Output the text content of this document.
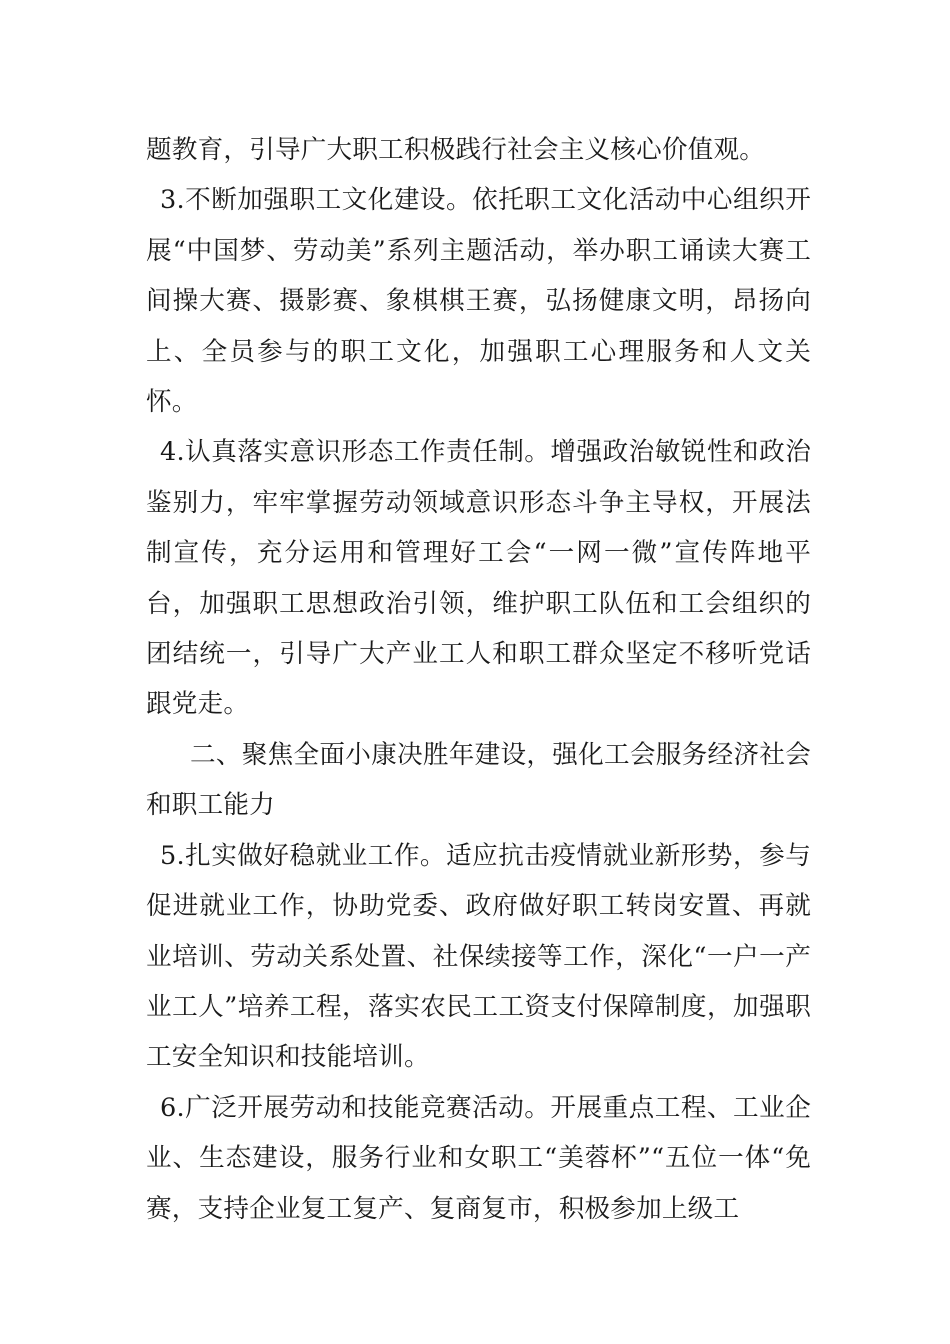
题教育，引导广大职工积极践行社会主义核心价值观。

3.不断加强职工文化建设。依托职工文化活动中心组织开展“中国梦、劳动美”系列主题活动，举办职工诵读大赛工间操大赛、摄影赛、象棋棋王赛，弘扬健康文明，昂扬向上、全员参与的职工文化，加强职工心理服务和人文关怀。

4.认真落实意识形态工作责任制。增强政治敏锐性和政治鉴别力，牢牢掌握劳动领域意识形态斗争主导权，开展法制宣传，充分运用和管理好工会“一网一微”宣传阵地平台，加强职工思想政治引领，维护职工队伍和工会组织的团结统一，引导广大产业工人和职工群众坚定不移听党话跟党走。

二、聚焦全面小康决胜年建设，强化工会服务经济社会和职工能力

5.扎实做好稳就业工作。适应抗击疫情就业新形势，参与促进就业工作，协助党委、政府做好职工转岗安置、再就业培训、劳动关系处置、社保续接等工作，深化“一户一产业工人”培养工程，落实农民工工资支付保障制度，加强职工安全知识和技能培训。

6.广泛开展劳动和技能竞赛活动。开展重点工程、工业企业、生态建设，服务行业和女职工“美蓉杯”“五位一体“免赛，支持企业复工复产、复商复市，积极参加上级工
